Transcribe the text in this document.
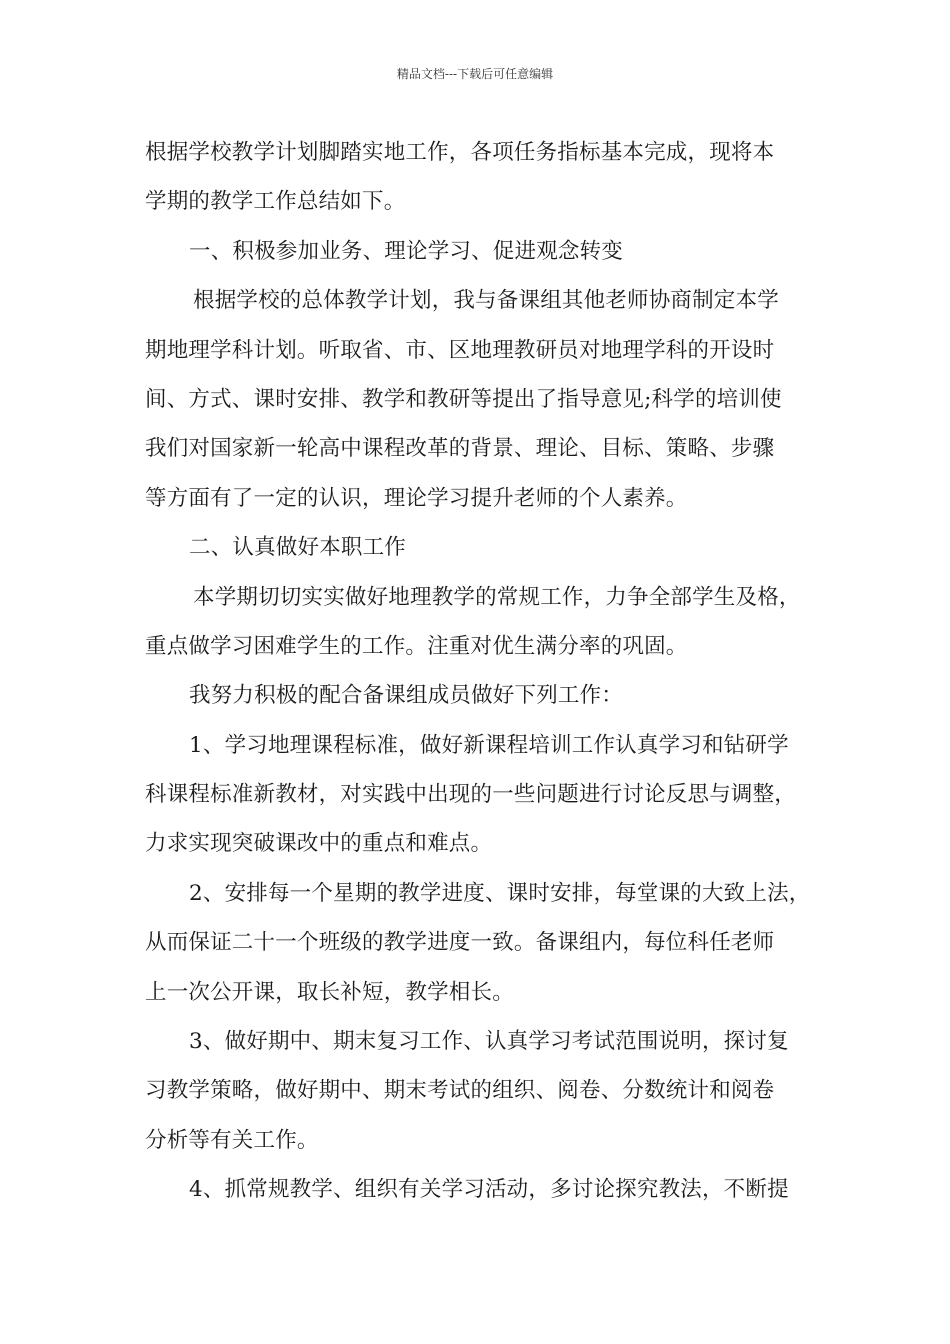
精品文档---下载后可任意编辑
根据学校教学计划脚踏实地工作，各项任务指标基本完成，现将本
学期的教学工作总结如下。
一、积极参加业务、理论学习、促进观念转变
根据学校的总体教学计划，我与备课组其他老师协商制定本学
期地理学科计划。听取省、市、区地理教研员对地理学科的开设时
间、方式、课时安排、教学和教研等提出了指导意见;科学的培训使
我们对国家新一轮高中课程改革的背景、理论、目标、策略、步骤
等方面有了一定的认识，理论学习提升老师的个人素养。
二、认真做好本职工作
本学期切切实实做好地理教学的常规工作，力争全部学生及格，
重点做学习困难学生的工作。注重对优生满分率的巩固。
我努力积极的配合备课组成员做好下列工作：
1、学习地理课程标准，做好新课程培训工作认真学习和钻研学
科课程标准新教材，对实践中出现的一些问题进行讨论反思与调整，
力求实现突破课改中的重点和难点。
2、安排每一个星期的教学进度、课时安排，每堂课的大致上法，
从而保证二十一个班级的教学进度一致。备课组内，每位科任老师
上一次公开课，取长补短，教学相长。
3、做好期中、期末复习工作、认真学习考试范围说明，探讨复
习教学策略，做好期中、期末考试的组织、阅卷、分数统计和阅卷
分析等有关工作。
4、抓常规教学、组织有关学习活动，多讨论探究教法，不断提
